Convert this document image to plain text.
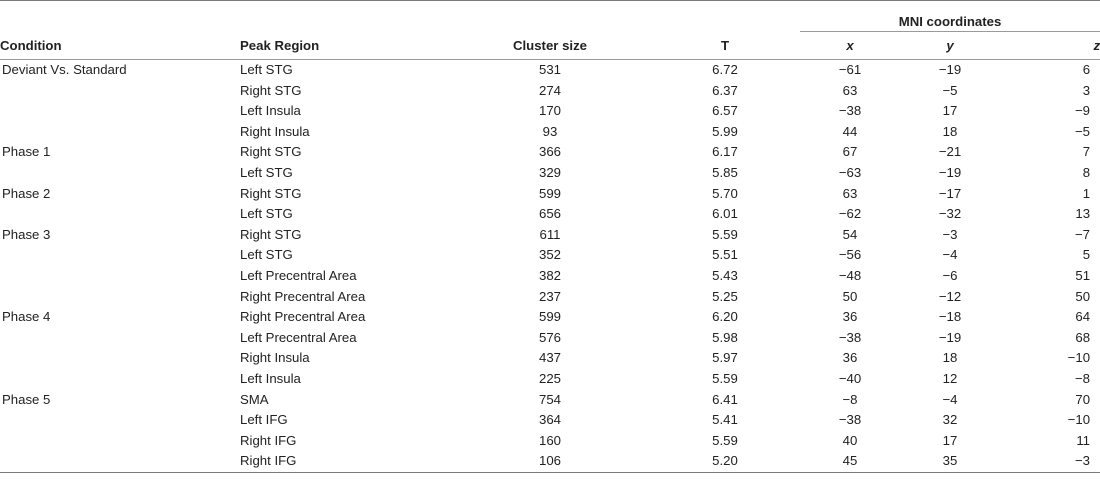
				MNI coordinates		
Condition	Peak Region	Cluster size	T	x	y	z
Deviant Vs. Standard	Left STG	531	6.72	−61	−19	6
	Right STG	274	6.37	63	−5	3
	Left Insula	170	6.57	−38	17	−9
	Right Insula	93	5.99	44	18	−5
Phase 1	Right STG	366	6.17	67	−21	7
	Left STG	329	5.85	−63	−19	8
Phase 2	Right STG	599	5.70	63	−17	1
	Left STG	656	6.01	−62	−32	13
Phase 3	Right STG	611	5.59	54	−3	−7
	Left STG	352	5.51	−56	−4	5
	Left Precentral Area	382	5.43	−48	−6	51
	Right Precentral Area	237	5.25	50	−12	50
Phase 4	Right Precentral Area	599	6.20	36	−18	64
	Left Precentral Area	576	5.98	−38	−19	68
	Right Insula	437	5.97	36	18	−10
	Left Insula	225	5.59	−40	12	−8
Phase 5	SMA	754	6.41	−8	−4	70
	Left IFG	364	5.41	−38	32	−10
	Right IFG	160	5.59	40	17	11
	Right IFG	106	5.20	45	35	−3
